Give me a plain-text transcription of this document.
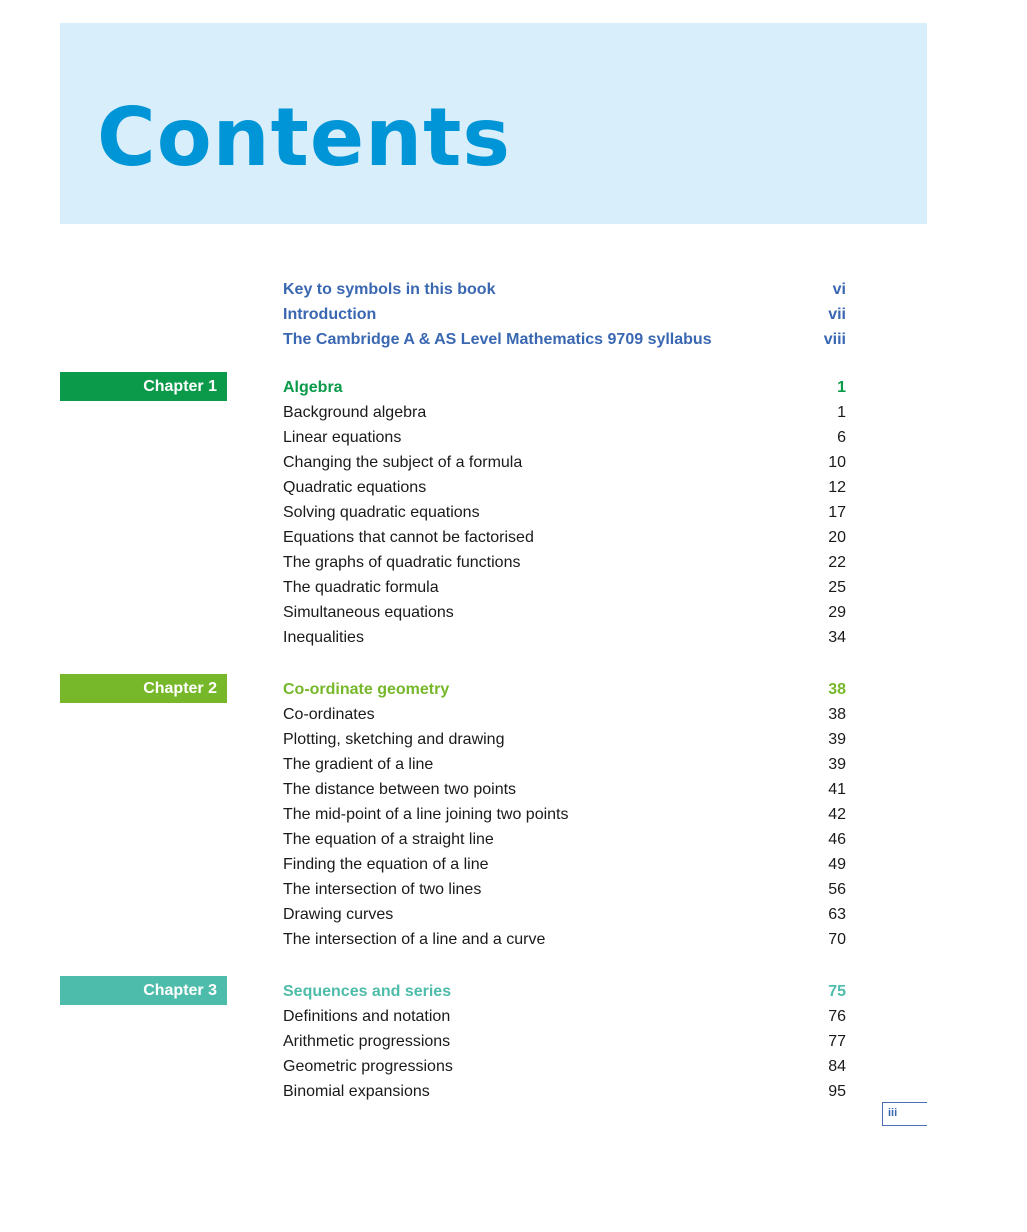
Contents
Key to symbols in this book	vi
Introduction	vii
The Cambridge A & AS Level Mathematics 9709 syllabus	viii
Chapter 1	Algebra	1
Background algebra	1
Linear equations	6
Changing the subject of a formula	10
Quadratic equations	12
Solving quadratic equations	17
Equations that cannot be factorised	20
The graphs of quadratic functions	22
The quadratic formula	25
Simultaneous equations	29
Inequalities	34
Chapter 2	Co-ordinate geometry	38
Co-ordinates	38
Plotting, sketching and drawing	39
The gradient of a line	39
The distance between two points	41
The mid-point of a line joining two points	42
The equation of a straight line	46
Finding the equation of a line	49
The intersection of two lines	56
Drawing curves	63
The intersection of a line and a curve	70
Chapter 3	Sequences and series	75
Definitions and notation	76
Arithmetic progressions	77
Geometric progressions	84
Binomial expansions	95
iii
